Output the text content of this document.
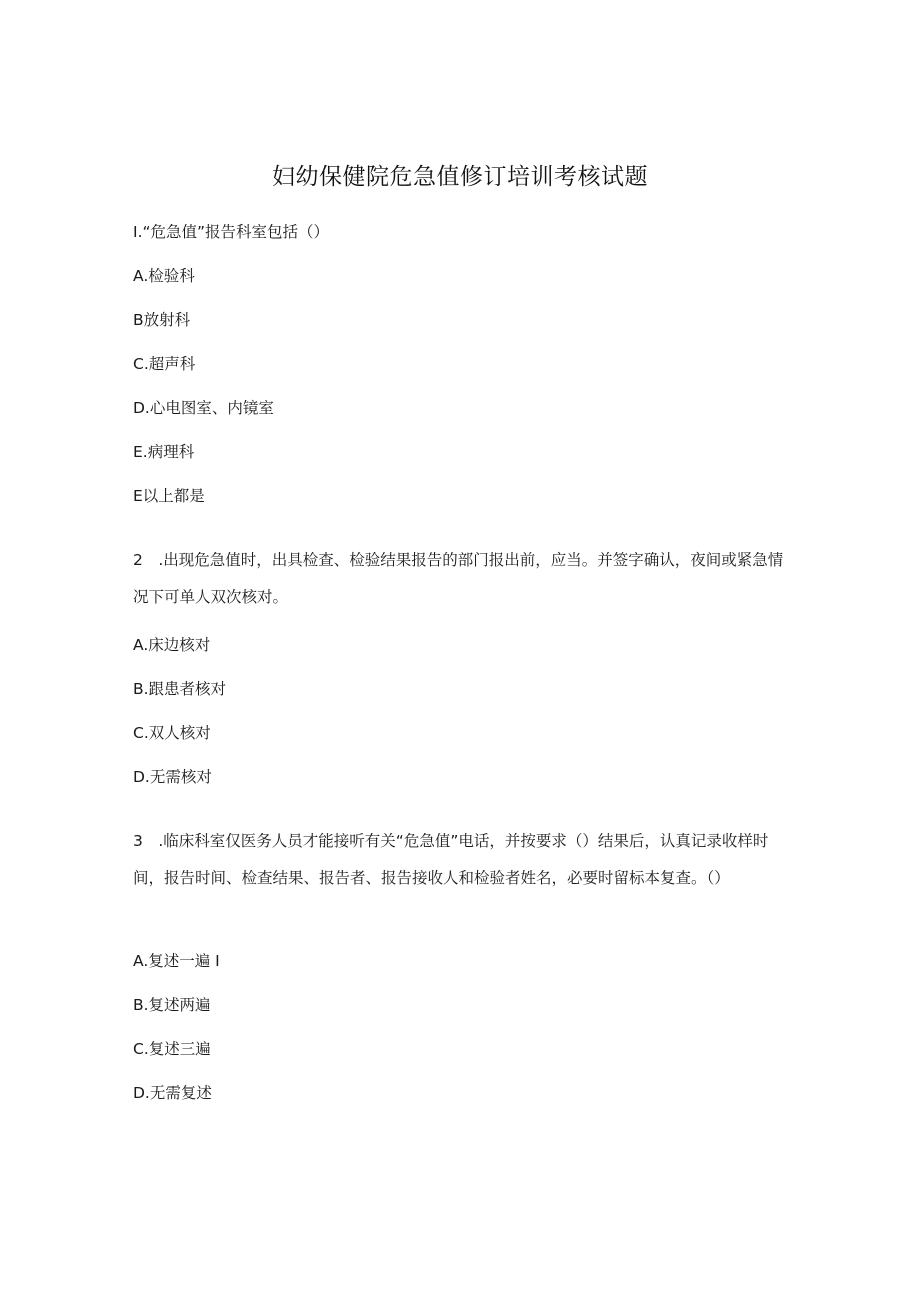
妇幼保健院危急值修订培训考核试题
I.“危急值”报告科室包括（）
A.检验科
B放射科
C.超声科
D.心电图室、内镜室
E.病理科
E以上都是
2　.出现危急值时，出具检查、检验结果报告的部门报出前，应当。并签字确认，夜间或紧急情况下可单人双次核对。
A.床边核对
B.跟患者核对
C.双人核对
D.无需核对
3　.临床科室仅医务人员才能接听有关“危急值”电话，并按要求（）结果后，认真记录收样时间，报告时间、检查结果、报告者、报告接收人和检验者姓名，必要时留标本复查。（）
A.复述一遍 I
B.复述两遍
C.复述三遍
D.无需复述
